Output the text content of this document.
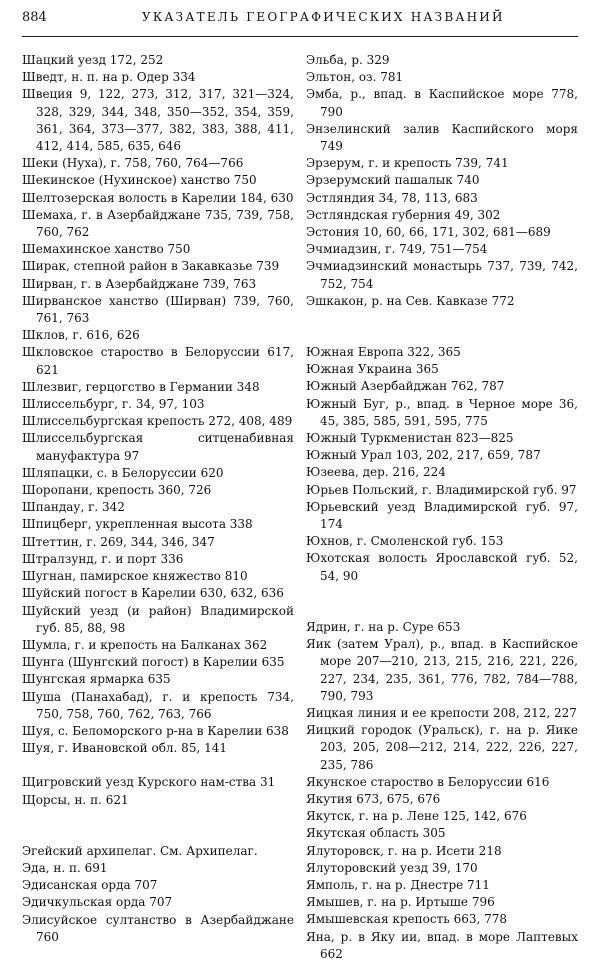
884	УКАЗАТЕЛЬ ГЕОГРАФИЧЕСКИХ НАЗВАНИЙ

Шацкий уезд 172, 252

Шведт, н. п. на р. Одер 334

Швеция 9, 122, 273, 312, 317, 321—324, 328, 329, 344, 348, 350—352, 354, 359, 361, 364, 373—377, 382, 383, 388, 411, 412, 414, 585, 635, 646

Шеки (Нуха), г. 758, 760, 764—766

Шекинское (Нухинское) ханство 750

Шелтозерская волость в Карелии 184, 630

Шемаха, г. в Азербайджане 735, 739, 758, 760, 762

Шемахинское ханство 750

Ширак, степной район в Закавказье 739

Ширван, г. в Азербайджане 739, 763

Ширванское ханство (Ширван) 739, 760, 761, 763

Шклов, г. 616, 626

Шкловское староство в Белоруссии 617, 621

Шлезвиг, герцогство в Германии 348

Шлиссельбург, г. 34, 97, 103

Шлиссельбургская крепость 272, 408, 489

Шлиссельбургская ситценабивная мануфактура 97

Шляпацки, с. в Белоруссии 620

Шоропани, крепость 360, 726

Шпандау, г. 342

Шпицберг, укрепленная высота 338

Штеттин, г. 269, 344, 346, 347

Штралзунд, г. и порт 336

Шугнан, памирское княжество 810

Шуйский погост в Карелии 630, 632, 636

Шуйский уезд (и район) Владимирской губ. 85, 88, 98

Шумла, г. и крепость на Балканах 362

Шунга (Шунгский погост) в Карелии 635

Шунгская ярмарка 635

Шуша (Панахабад), г. и крепость 734, 750, 758, 760, 762, 763, 766

Шуя, с. Беломорского р-на в Карелии 638

Шуя, г. Ивановской обл. 85, 141

Щигровский уезд Курского нам-ства 31

Щорсы, н. п. 621

Эгейский архипелаг. См. Архипелаг.

Эда, н. п. 691

Эдисанская орда 707

Эдичкульская орда 707

Элисуйское султанство в Азербайджане 760

Эльба, р. 329

Эльтон, оз. 781

Эмба, р., впад. в Каспийское море 778, 790

Энзелинский залив Каспийского моря 749

Эрзерум, г. и крепость 739, 741

Эрзерумский пашалык 740

Эстляндия 34, 78, 113, 683

Эстляндская губерния 49, 302

Эстония 10, 60, 66, 171, 302, 681—689

Эчмиадзин, г. 749, 751—754

Эчмиадзинский монастырь 737, 739, 742, 752, 754

Эшкакон, р. на Сев. Кавказе 772

Южная Европа 322, 365

Южная Украина 365

Южный Азербайджан 762, 787

Южный Буг, р., впад. в Черное море 36, 45, 385, 585, 591, 595, 775

Южный Туркменистан 823—825

Южный Урал 103, 202, 217, 659, 787

Юзеева, дер. 216, 224

Юрьев Польский, г. Владимирской губ. 97

Юрьевский уезд Владимирской губ. 97, 174

Юхнов, г. Смоленской губ. 153

Юхотская волость Ярославской губ. 52, 54, 90

Ядрин, г. на р. Суре 653

Яик (затем Урал), р., впад. в Каспийское море 207—210, 213, 215, 216, 221, 226, 227, 234, 235, 361, 776, 782, 784—788, 790, 793

Яицкая линия и ее крепости 208, 212, 227

Яицкий городок (Уральск), г. на р. Яике 203, 205, 208—212, 214, 222, 226, 227, 235, 786

Якунское староство в Белоруссии 616

Якутия 673, 675, 676

Якутск, г. на р. Лене 125, 142, 676

Якутская область 305

Ялуторовск, г. на р. Исети 218

Ялуторовский уезд 39, 170

Ямполь, г. на р. Днестре 711

Ямышев, г. на р. Иртыше 796

Ямышевская крепость 663, 778

Яна, р. в Яку ии, впад. в море Лаптевых 662
